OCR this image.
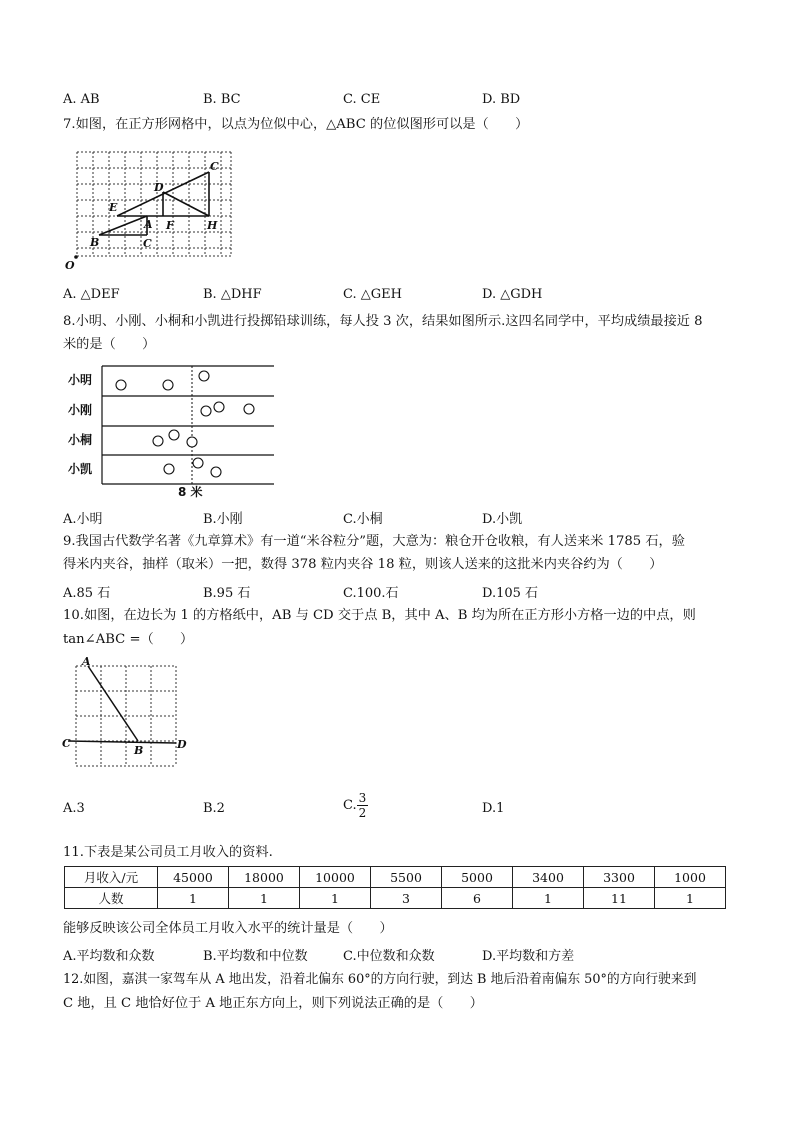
A. AB	B. BC	C. CE	D. BD
7.如图，在正方形网格中，以点为位似中心，△ABC 的位似图形可以是（　　）
C
D
E
A F	H
B	C
O
A. △DEF	B. △DHF	C. △GEH	D. △GDH
8.小明、小刚、小桐和小凯进行投掷铅球训练，每人投 3 次，结果如图所示.这四名同学中，平均成绩最接近 8
米的是（　　）
小明
小刚
小桐
小凯
8 米
A.小明	B.小刚	C.小桐	D.小凯
9.我国古代数学名著《九章算术》有一道“米谷粒分”题，大意为：粮仓开仓收粮，有人送来米 1785 石，验
得米内夹谷，抽样（取米）一把，数得 378 粒内夹谷 18 粒，则该人送来的这批米内夹谷约为（　　）
A.85 石	B.95 石	C.100.石	D.105 石
10.如图，在边长为 1 的方格纸中，AB 与 CD 交于点 B，其中 A、B 均为所在正方形小方格一边的中点，则
tan∠ABC =（　　）
A
C
B	D
A.3	B.2	C. $\frac{3}{2}$	D.1
11.下表是某公司员工月收入的资料.
月收入/元	45000	18000	10000	5500	5000	3400	3300	1000
人数	1	1	1	3	6	1	11	1
能够反映该公司全体员工月收入水平的统计量是（　　）
A.平均数和众数	B.平均数和中位数	C.中位数和众数	D.平均数和方差
12.如图，嘉淇一家驾车从 A 地出发，沿着北偏东 60°的方向行驶，到达 B 地后沿着南偏东 50°的方向行驶来到
C 地，且 C 地恰好位于 A 地正东方向上，则下列说法正确的是（　　）
